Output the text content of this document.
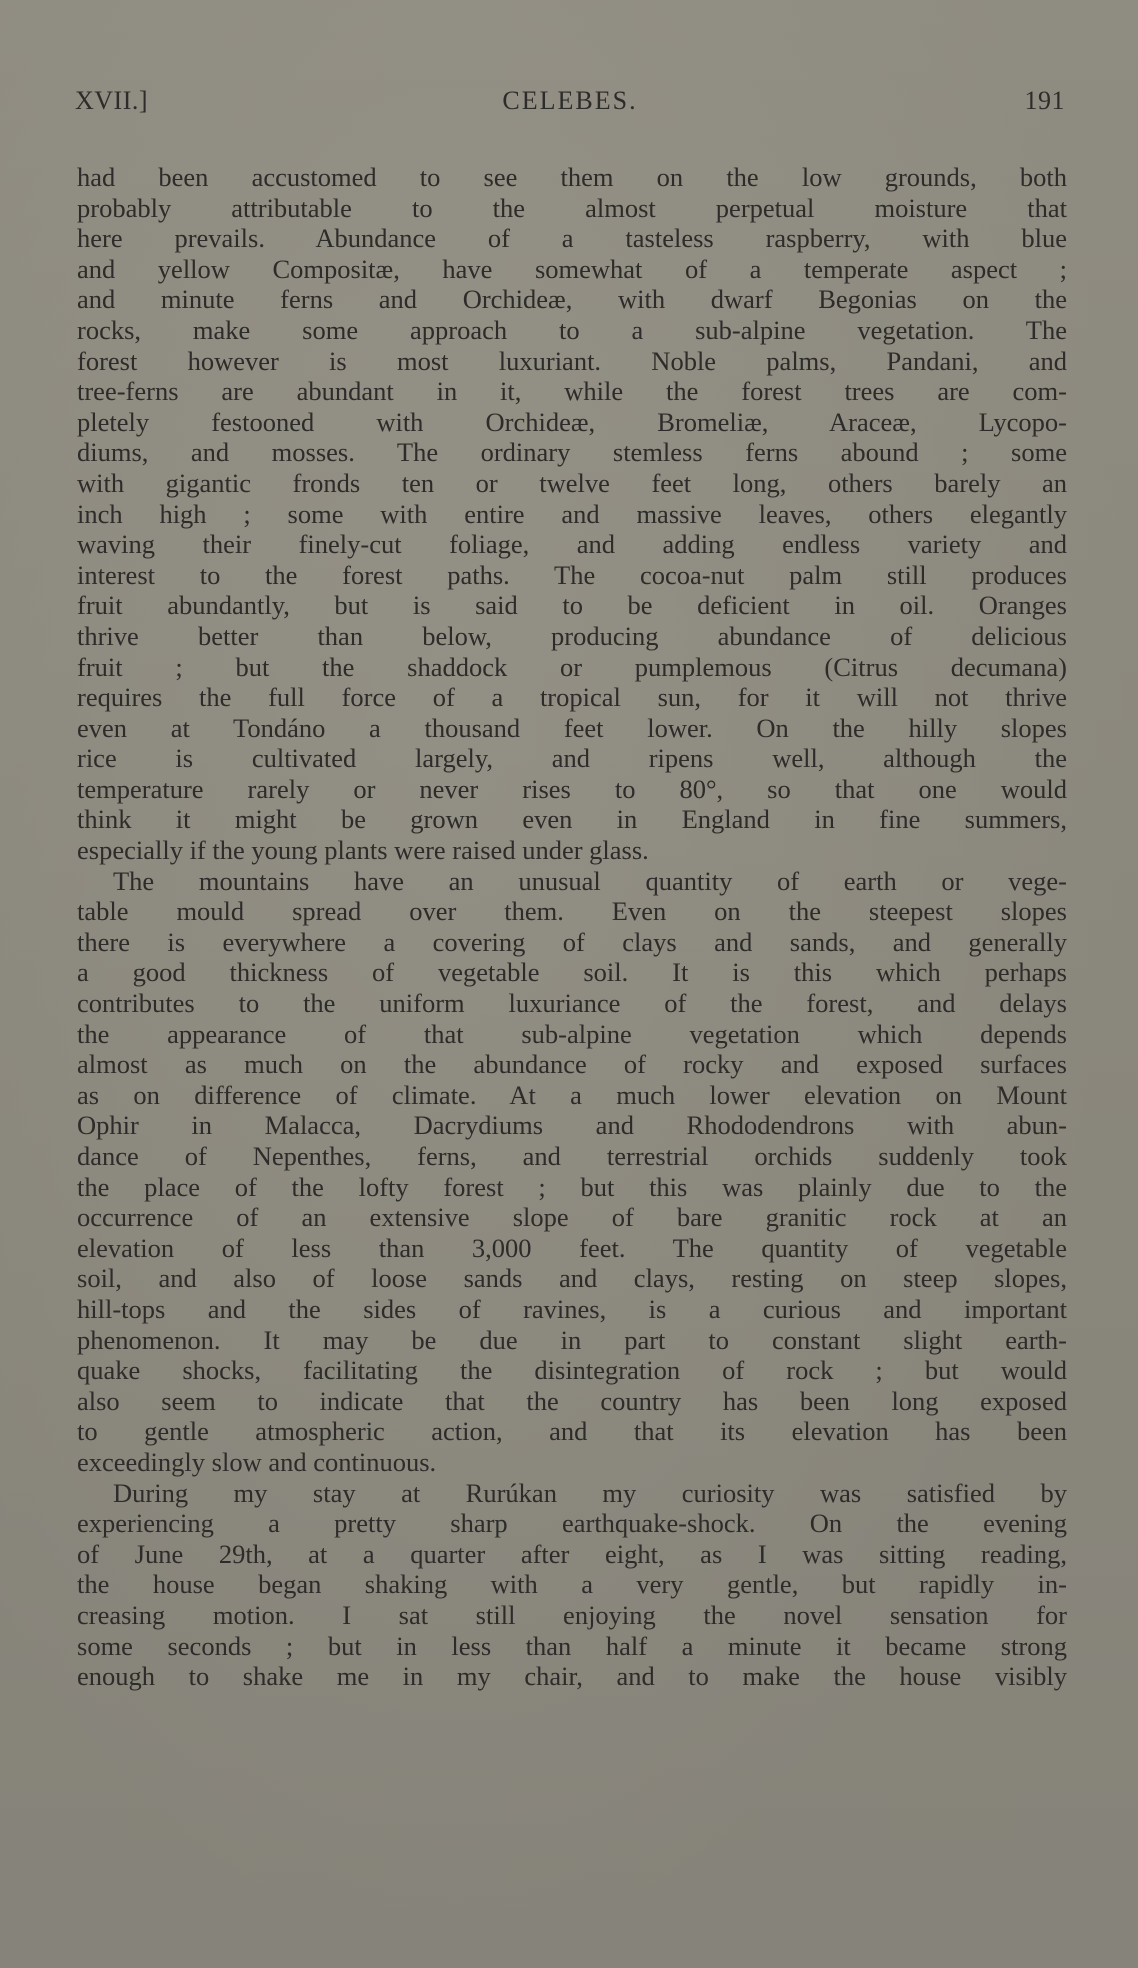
XVII.]	CELEBES.	191
had been accustomed to see them on the low grounds, both
probably attributable to the almost perpetual moisture that
here prevails. Abundance of a tasteless raspberry, with blue
and yellow Compositæ, have somewhat of a temperate aspect ;
and minute ferns and Orchideæ, with dwarf Begonias on the
rocks, make some approach to a sub-alpine vegetation. The
forest however is most luxuriant. Noble palms, Pandani, and
tree-ferns are abundant in it, while the forest trees are com-
pletely festooned with Orchideæ, Bromeliæ, Araceæ, Lycopo-
diums, and mosses. The ordinary stemless ferns abound ; some
with gigantic fronds ten or twelve feet long, others barely an
inch high ; some with entire and massive leaves, others elegantly
waving their finely-cut foliage, and adding endless variety and
interest to the forest paths. The cocoa-nut palm still produces
fruit abundantly, but is said to be deficient in oil. Oranges
thrive better than below, producing abundance of delicious
fruit ; but the shaddock or pumplemous (Citrus decumana)
requires the full force of a tropical sun, for it will not thrive
even at Tondáno a thousand feet lower. On the hilly slopes
rice is cultivated largely, and ripens well, although the
temperature rarely or never rises to 80°, so that one would
think it might be grown even in England in fine summers,
especially if the young plants were raised under glass.
The mountains have an unusual quantity of earth or vege-
table mould spread over them. Even on the steepest slopes
there is everywhere a covering of clays and sands, and generally
a good thickness of vegetable soil. It is this which perhaps
contributes to the uniform luxuriance of the forest, and delays
the appearance of that sub-alpine vegetation which depends
almost as much on the abundance of rocky and exposed surfaces
as on difference of climate. At a much lower elevation on Mount
Ophir in Malacca, Dacrydiums and Rhododendrons with abun-
dance of Nepenthes, ferns, and terrestrial orchids suddenly took
the place of the lofty forest ; but this was plainly due to the
occurrence of an extensive slope of bare granitic rock at an
elevation of less than 3,000 feet. The quantity of vegetable
soil, and also of loose sands and clays, resting on steep slopes,
hill-tops and the sides of ravines, is a curious and important
phenomenon. It may be due in part to constant slight earth-
quake shocks, facilitating the disintegration of rock ; but would
also seem to indicate that the country has been long exposed
to gentle atmospheric action, and that its elevation has been
exceedingly slow and continuous.
During my stay at Rurúkan my curiosity was satisfied by
experiencing a pretty sharp earthquake-shock. On the evening
of June 29th, at a quarter after eight, as I was sitting reading,
the house began shaking with a very gentle, but rapidly in-
creasing motion. I sat still enjoying the novel sensation for
some seconds ; but in less than half a minute it became strong
enough to shake me in my chair, and to make the house visibly
